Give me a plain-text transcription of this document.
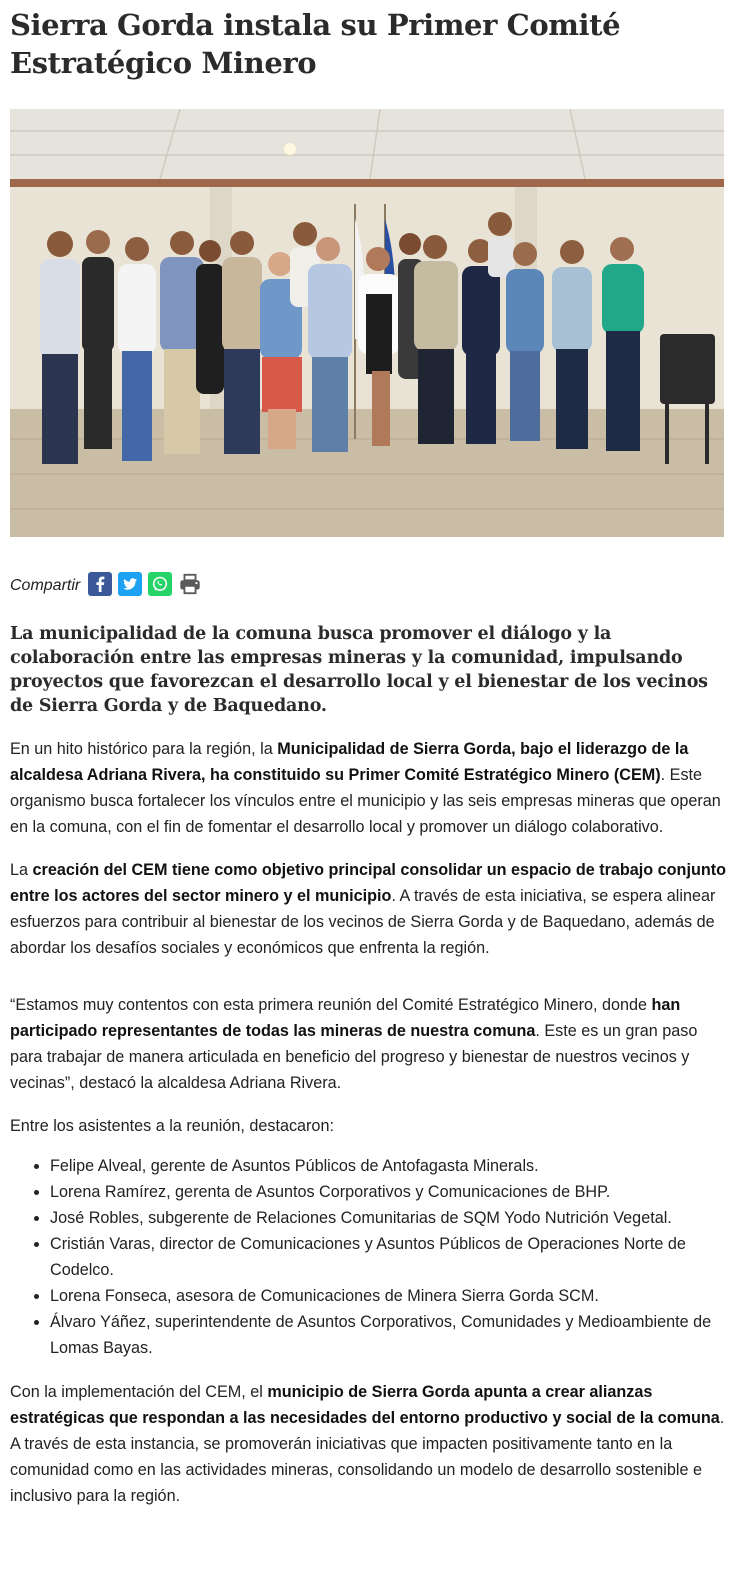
Sierra Gorda instala su Primer Comité Estratégico Minero
Compartir

La municipalidad de la comuna busca promover el diálogo y la colaboración entre las empresas mineras y la comunidad, impulsando proyectos que favorezcan el desarrollo local y el bienestar de los vecinos de Sierra Gorda y de Baquedano.

En un hito histórico para la región, la Municipalidad de Sierra Gorda, bajo el liderazgo de la alcaldesa Adriana Rivera, ha constituido su Primer Comité Estratégico Minero (CEM). Este organismo busca fortalecer los vínculos entre el municipio y las seis empresas mineras que operan en la comuna, con el fin de fomentar el desarrollo local y promover un diálogo colaborativo.

La creación del CEM tiene como objetivo principal consolidar un espacio de trabajo conjunto entre los actores del sector minero y el municipio. A través de esta iniciativa, se espera alinear esfuerzos para contribuir al bienestar de los vecinos de Sierra Gorda y de Baquedano, además de abordar los desafíos sociales y económicos que enfrenta la región.

“Estamos muy contentos con esta primera reunión del Comité Estratégico Minero, donde han participado representantes de todas las mineras de nuestra comuna. Este es un gran paso para trabajar de manera articulada en beneficio del progreso y bienestar de nuestros vecinos y vecinas”, destacó la alcaldesa Adriana Rivera.

Entre los asistentes a la reunión, destacaron:

• Felipe Alveal, gerente de Asuntos Públicos de Antofagasta Minerals.
• Lorena Ramírez, gerenta de Asuntos Corporativos y Comunicaciones de BHP.
• José Robles, subgerente de Relaciones Comunitarias de SQM Yodo Nutrición Vegetal.
• Cristián Varas, director de Comunicaciones y Asuntos Públicos de Operaciones Norte de Codelco.
• Lorena Fonseca, asesora de Comunicaciones de Minera Sierra Gorda SCM.
• Álvaro Yáñez, superintendente de Asuntos Corporativos, Comunidades y Medioambiente de Lomas Bayas.

Con la implementación del CEM, el municipio de Sierra Gorda apunta a crear alianzas estratégicas que respondan a las necesidades del entorno productivo y social de la comuna. A través de esta instancia, se promoverán iniciativas que impacten positivamente tanto en la comunidad como en las actividades mineras, consolidando un modelo de desarrollo sostenible e inclusivo para la región.
